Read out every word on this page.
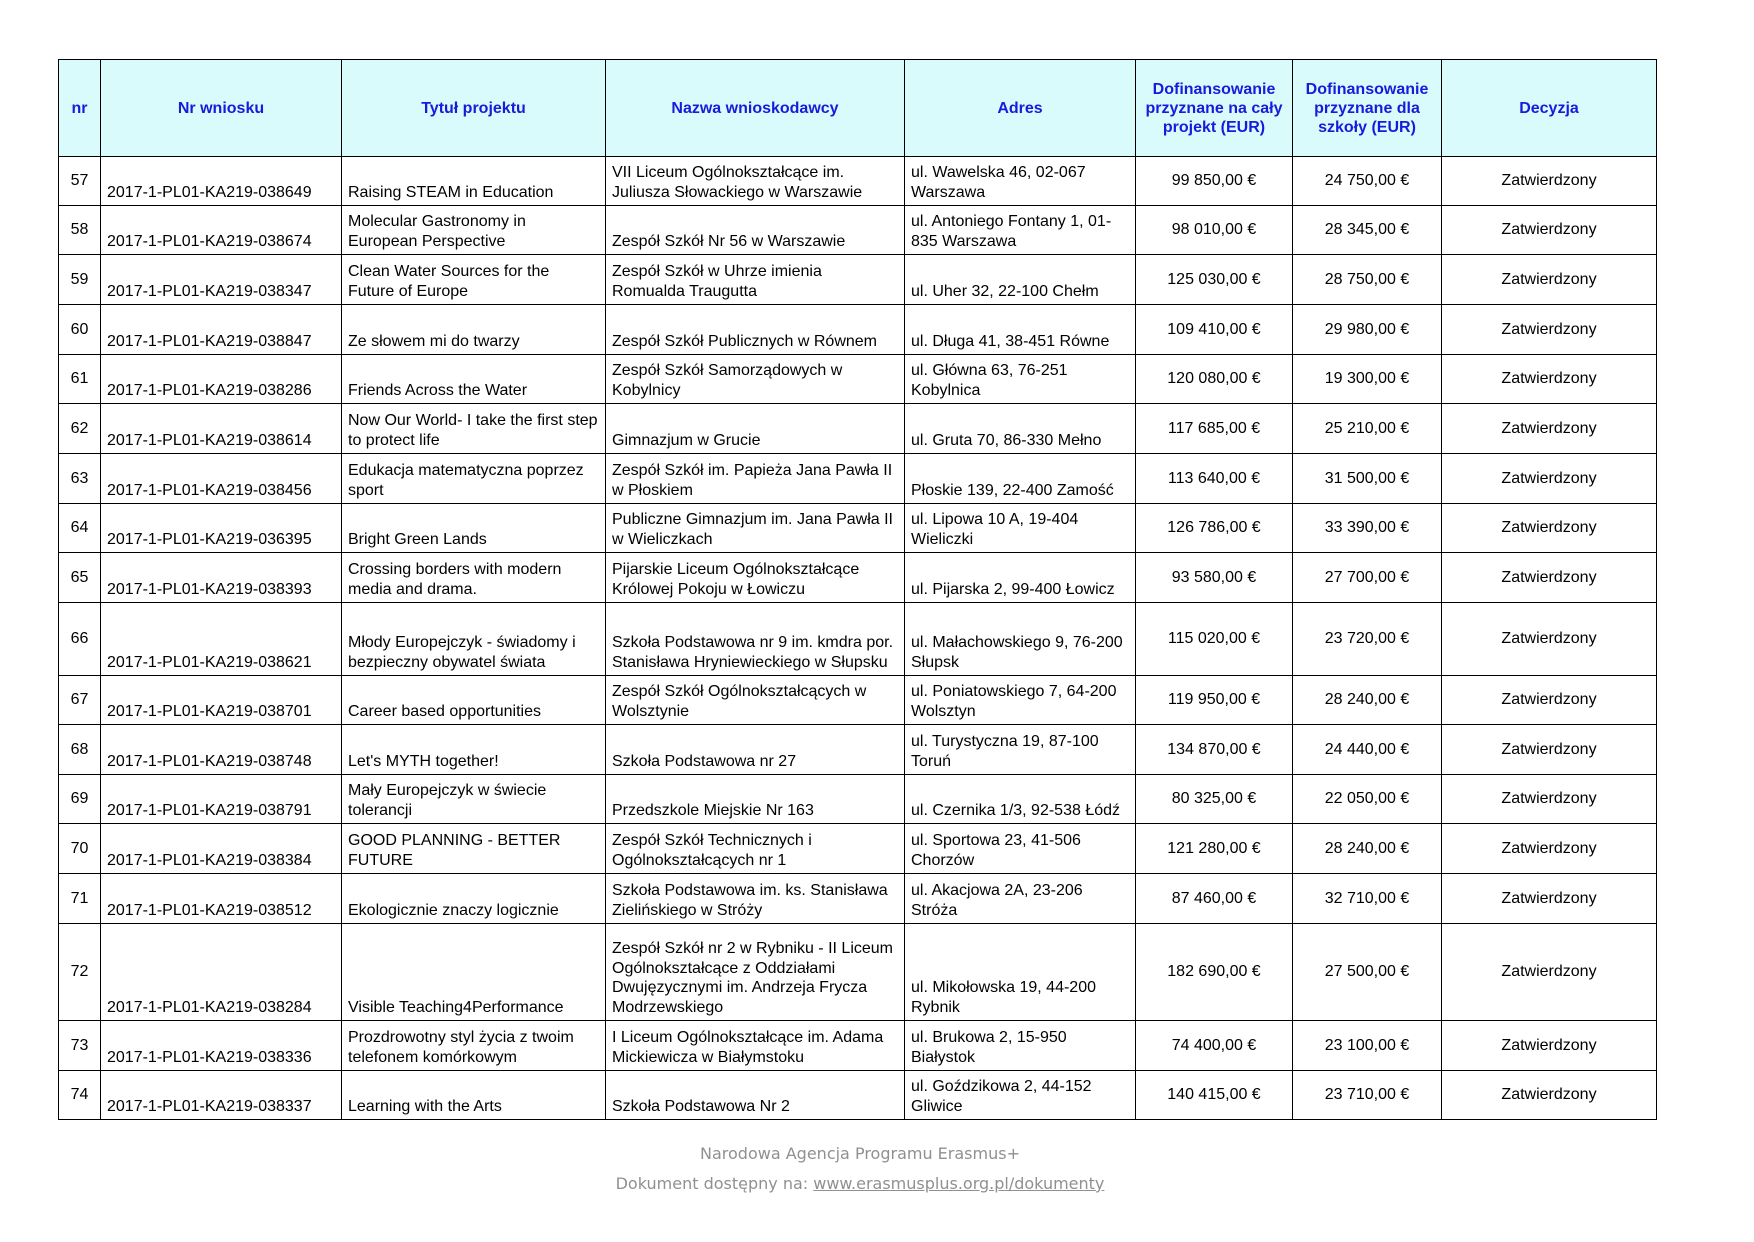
nr	Nr wniosku	Tytuł projektu	Nazwa wnioskodawcy	Adres	Dofinansowanie przyznane na cały projekt (EUR)	Dofinansowanie przyznane dla szkoły (EUR)	Decyzja
57	2017-1-PL01-KA219-038649	Raising STEAM in Education	VII Liceum Ogólnokształcące im. Juliusza Słowackiego w Warszawie	ul. Wawelska 46, 02-067 Warszawa	99 850,00 €	24 750,00 €	Zatwierdzony
58	2017-1-PL01-KA219-038674	Molecular Gastronomy in European Perspective	Zespół Szkół Nr 56 w Warszawie	ul. Antoniego Fontany 1, 01-835 Warszawa	98 010,00 €	28 345,00 €	Zatwierdzony
59	2017-1-PL01-KA219-038347	Clean Water Sources for the Future of Europe	Zespół Szkół w Uhrze imienia Romualda Traugutta	ul. Uher 32, 22-100 Chełm	125 030,00 €	28 750,00 €	Zatwierdzony
60	2017-1-PL01-KA219-038847	Ze słowem mi do twarzy	Zespół Szkół Publicznych w Równem	ul. Długa 41, 38-451 Równe	109 410,00 €	29 980,00 €	Zatwierdzony
61	2017-1-PL01-KA219-038286	Friends Across the Water	Zespół Szkół Samorządowych w Kobylnicy	ul. Główna 63, 76-251 Kobylnica	120 080,00 €	19 300,00 €	Zatwierdzony
62	2017-1-PL01-KA219-038614	Now Our World- I take the first step to protect life	Gimnazjum w Grucie	ul. Gruta 70, 86-330 Mełno	117 685,00 €	25 210,00 €	Zatwierdzony
63	2017-1-PL01-KA219-038456	Edukacja matematyczna poprzez sport	Zespół Szkół im. Papieża Jana Pawła II w Płoskiem	Płoskie 139, 22-400 Zamość	113 640,00 €	31 500,00 €	Zatwierdzony
64	2017-1-PL01-KA219-036395	Bright Green Lands	Publiczne Gimnazjum im. Jana Pawła II w Wieliczkach	ul. Lipowa 10 A, 19-404 Wieliczki	126 786,00 €	33 390,00 €	Zatwierdzony
65	2017-1-PL01-KA219-038393	Crossing borders with modern media and drama.	Pijarskie Liceum Ogólnokształcące Królowej Pokoju w Łowiczu	ul. Pijarska 2, 99-400 Łowicz	93 580,00 €	27 700,00 €	Zatwierdzony
66	2017-1-PL01-KA219-038621	Młody Europejczyk - świadomy i bezpieczny obywatel świata	Szkoła Podstawowa nr 9 im. kmdra por. Stanisława Hryniewieckiego w Słupsku	ul. Małachowskiego 9, 76-200 Słupsk	115 020,00 €	23 720,00 €	Zatwierdzony
67	2017-1-PL01-KA219-038701	Career based opportunities	Zespół Szkół Ogólnokształcących w Wolsztynie	ul. Poniatowskiego 7, 64-200 Wolsztyn	119 950,00 €	28 240,00 €	Zatwierdzony
68	2017-1-PL01-KA219-038748	Let's MYTH together!	Szkoła Podstawowa nr 27	ul. Turystyczna 19, 87-100 Toruń	134 870,00 €	24 440,00 €	Zatwierdzony
69	2017-1-PL01-KA219-038791	Mały Europejczyk w świecie tolerancji	Przedszkole Miejskie Nr 163	ul. Czernika 1/3, 92-538 Łódź	80 325,00 €	22 050,00 €	Zatwierdzony
70	2017-1-PL01-KA219-038384	GOOD PLANNING - BETTER FUTURE	Zespół Szkół Technicznych i Ogólnokształcących nr 1	ul. Sportowa 23, 41-506 Chorzów	121 280,00 €	28 240,00 €	Zatwierdzony
71	2017-1-PL01-KA219-038512	Ekologicznie znaczy logicznie	Szkoła Podstawowa im. ks. Stanisława Zielińskiego w Stróży	ul. Akacjowa 2A, 23-206 Stróża	87 460,00 €	32 710,00 €	Zatwierdzony
72	2017-1-PL01-KA219-038284	Visible Teaching4Performance	Zespół Szkół nr 2 w Rybniku - II Liceum Ogólnokształcące z Oddziałami Dwujęzycznymi im. Andrzeja Frycza Modrzewskiego	ul. Mikołowska 19, 44-200 Rybnik	182 690,00 €	27 500,00 €	Zatwierdzony
73	2017-1-PL01-KA219-038336	Prozdrowotny styl życia z twoim telefonem komórkowym	I Liceum Ogólnokształcące im. Adama Mickiewicza w Białymstoku	ul. Brukowa 2, 15-950 Białystok	74 400,00 €	23 100,00 €	Zatwierdzony
74	2017-1-PL01-KA219-038337	Learning with the Arts	Szkoła Podstawowa Nr 2	ul. Goździkowa 2, 44-152 Gliwice	140 415,00 €	23 710,00 €	Zatwierdzony
Narodowa Agencja Programu Erasmus+
Dokument dostępny na: www.erasmusplus.org.pl/dokumenty
